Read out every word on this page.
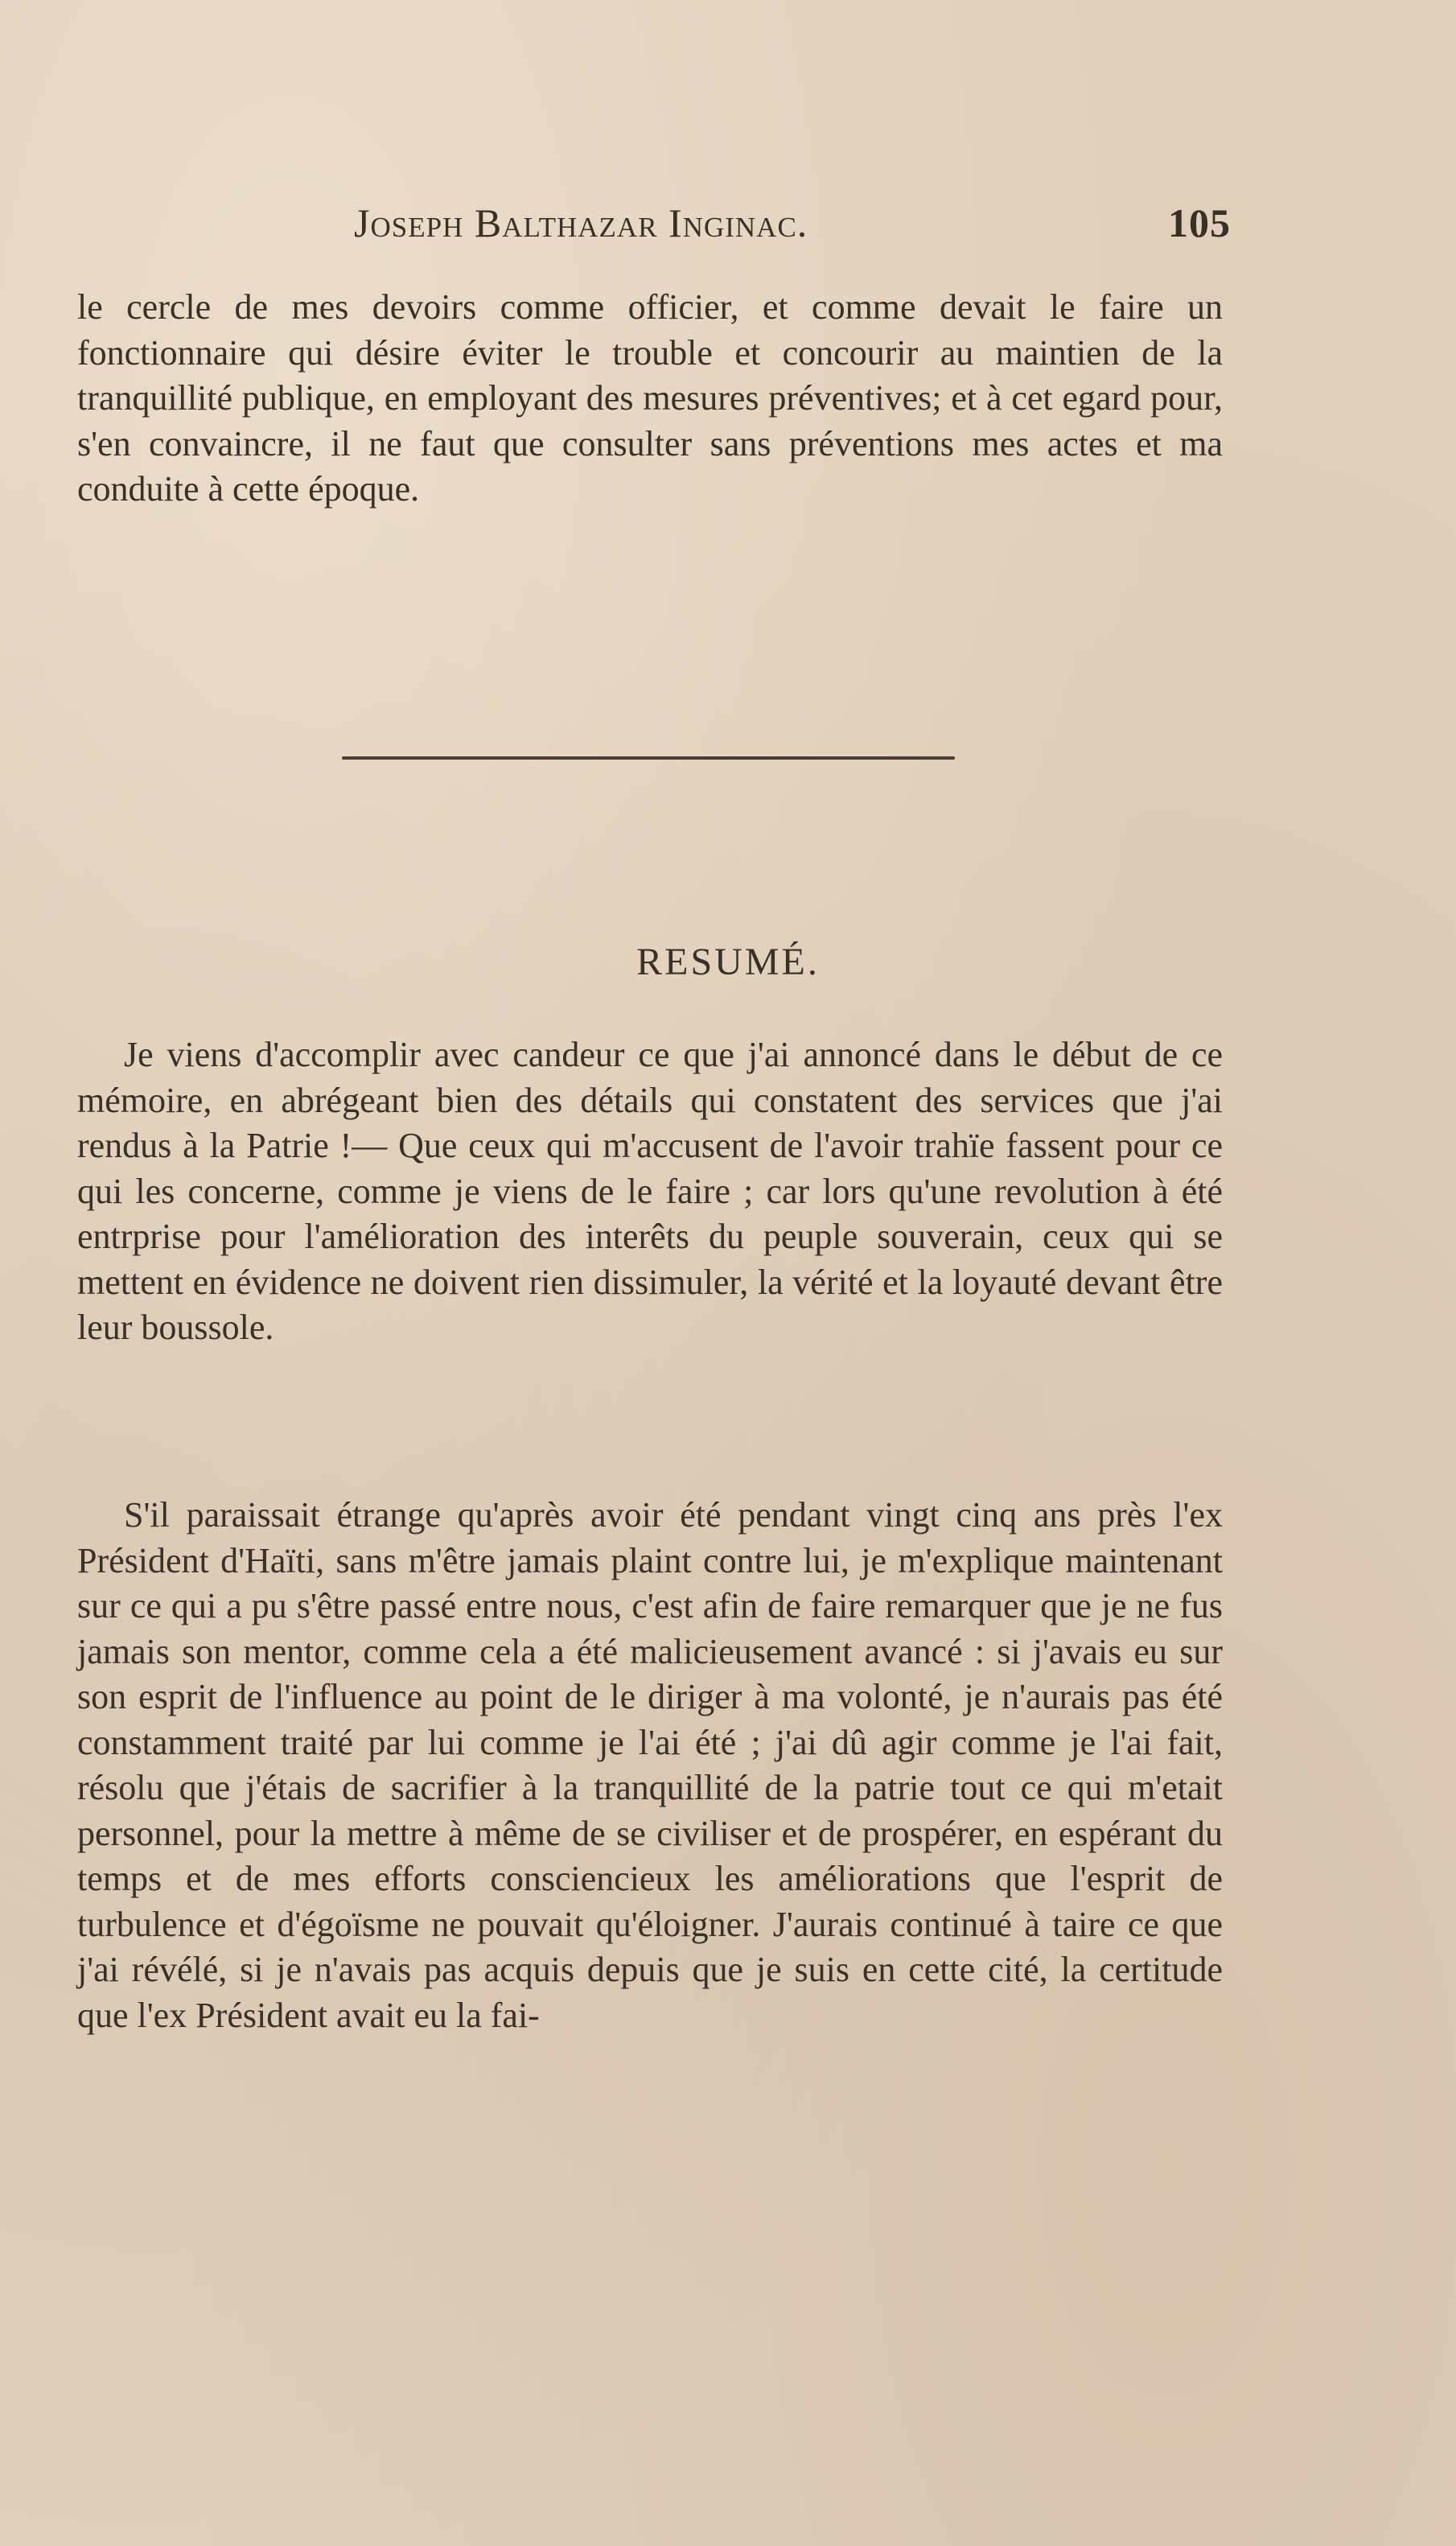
Joseph Balthazar Inginac.	105

le cercle de mes devoirs comme officier, et comme devait le faire un fonctionnaire qui désire éviter le trouble et concourir au maintien de la tranquillité publique, en employant des mesures préventives; et à cet egard pour, s'en convaincre, il ne faut que consulter sans préventions mes actes et ma conduite à cette époque.

RESUMÉ.

Je viens d'accomplir avec candeur ce que j'ai annoncé dans le début de ce mémoire, en abrégeant bien des détails qui constatent des services que j'ai rendus à la Patrie !— Que ceux qui m'accusent de l'avoir trahïe fassent pour ce qui les concerne, comme je viens de le faire ; car lors qu'une revolution à été entrprise pour l'amélioration des interêts du peuple souverain, ceux qui se mettent en évidence ne doivent rien dissimuler, la vérité et la loyauté devant être leur boussole.

S'il paraissait étrange qu'après avoir été pendant vingt cinq ans près l'ex Président d'Haïti, sans m'être jamais plaint contre lui, je m'explique maintenant sur ce qui a pu s'être passé entre nous, c'est afin de faire remarquer que je ne fus jamais son mentor, comme cela a été malicieusement avancé : si j'avais eu sur son esprit de l'influence au point de le diriger à ma volonté, je n'aurais pas été constamment traité par lui comme je l'ai été ; j'ai dû agir comme je l'ai fait, résolu que j'étais de sacrifier à la tranquillité de la patrie tout ce qui m'etait personnel, pour la mettre à même de se civiliser et de prospérer, en espérant du temps et de mes efforts consciencieux les améliorations que l'esprit de turbulence et d'égoïsme ne pouvait qu'éloigner. J'aurais continué à taire ce que j'ai révélé, si je n'avais pas acquis depuis que je suis en cette cité, la certitude que l'ex Président avait eu la fai-
